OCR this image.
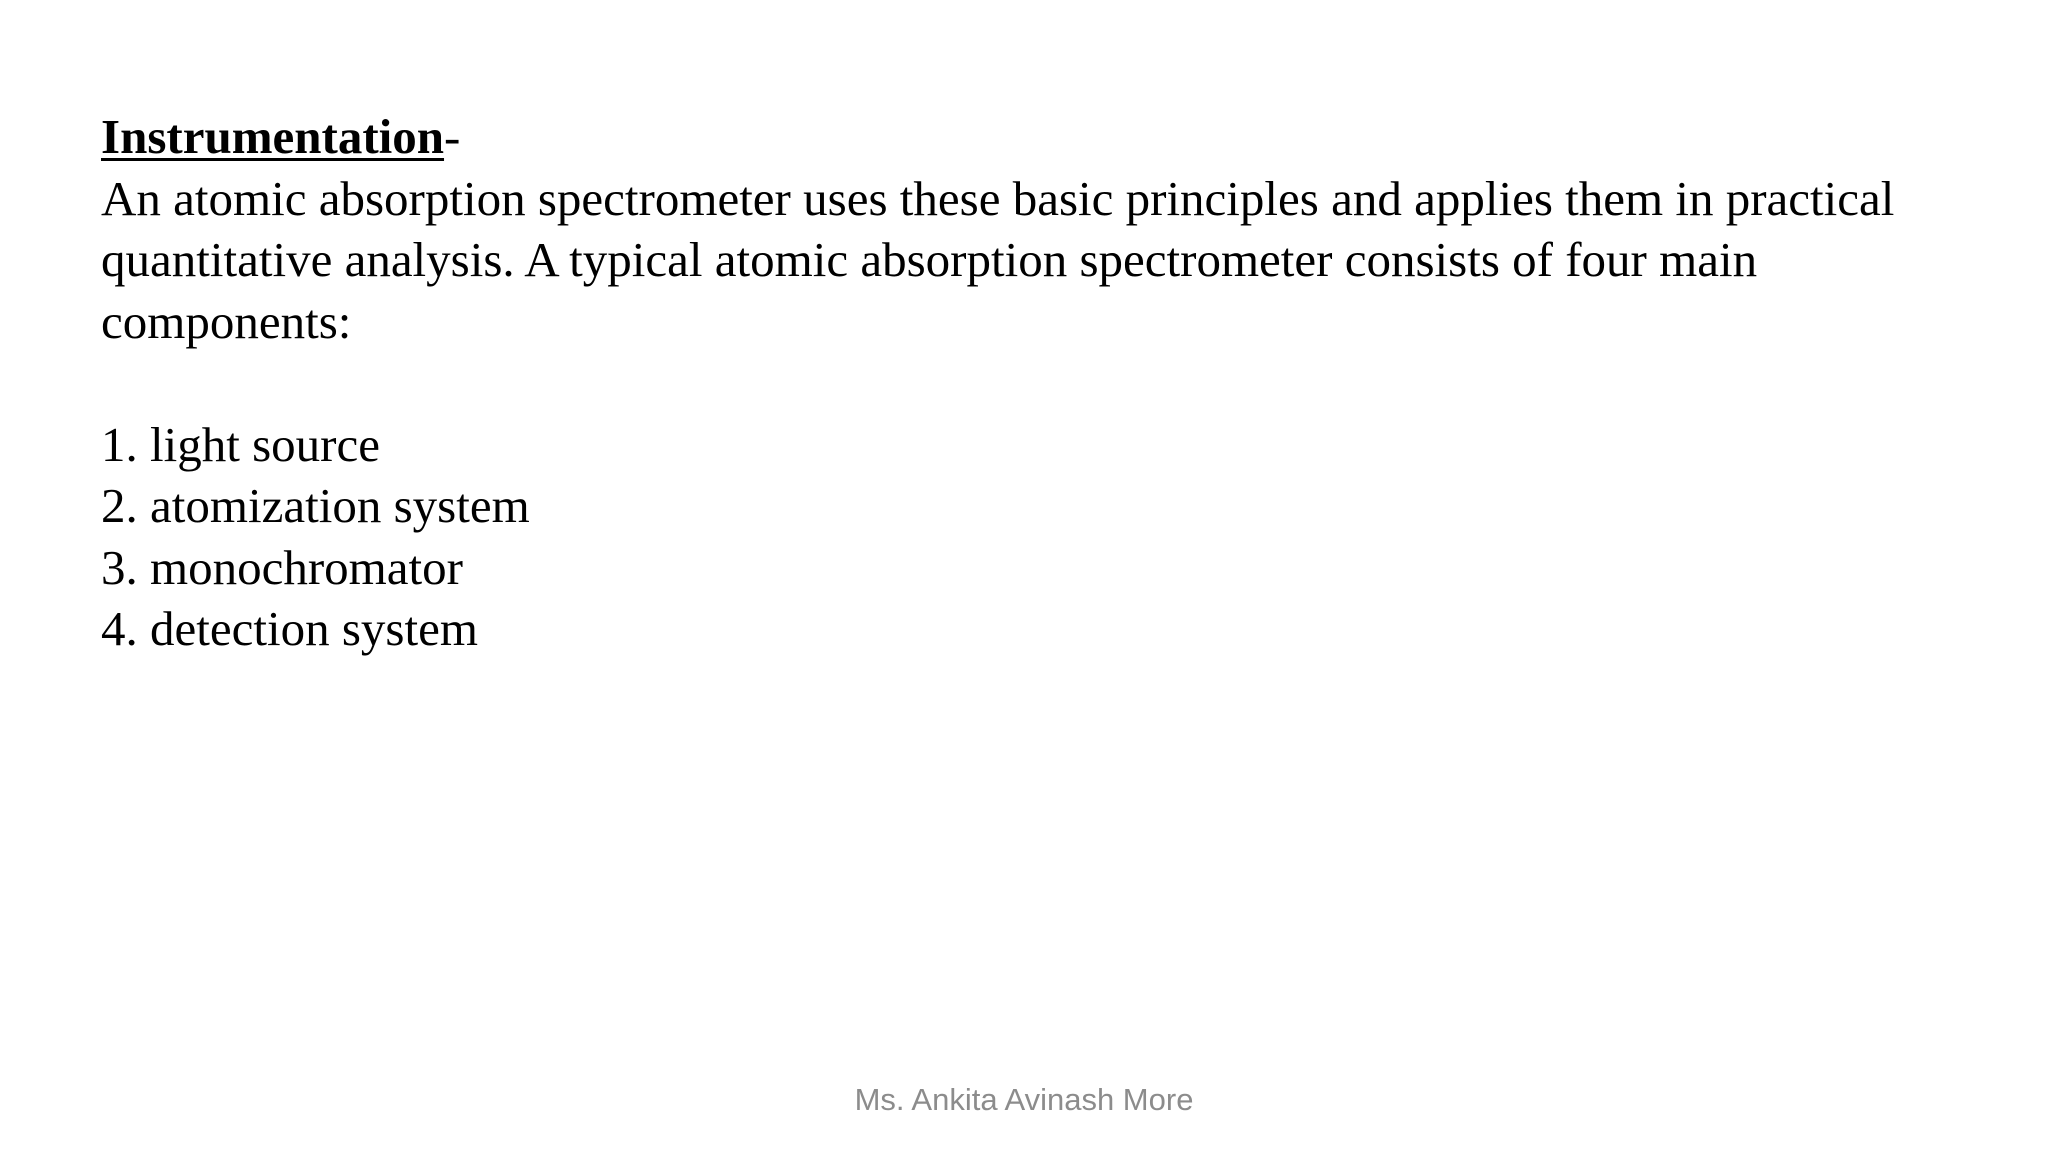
Instrumentation-

An atomic absorption spectrometer uses these basic principles and applies them in practical

quantitative analysis. A typical atomic absorption spectrometer consists of four main

components:

1. light source
2. atomization system
3. monochromator
4. detection system
Ms. Ankita Avinash More
